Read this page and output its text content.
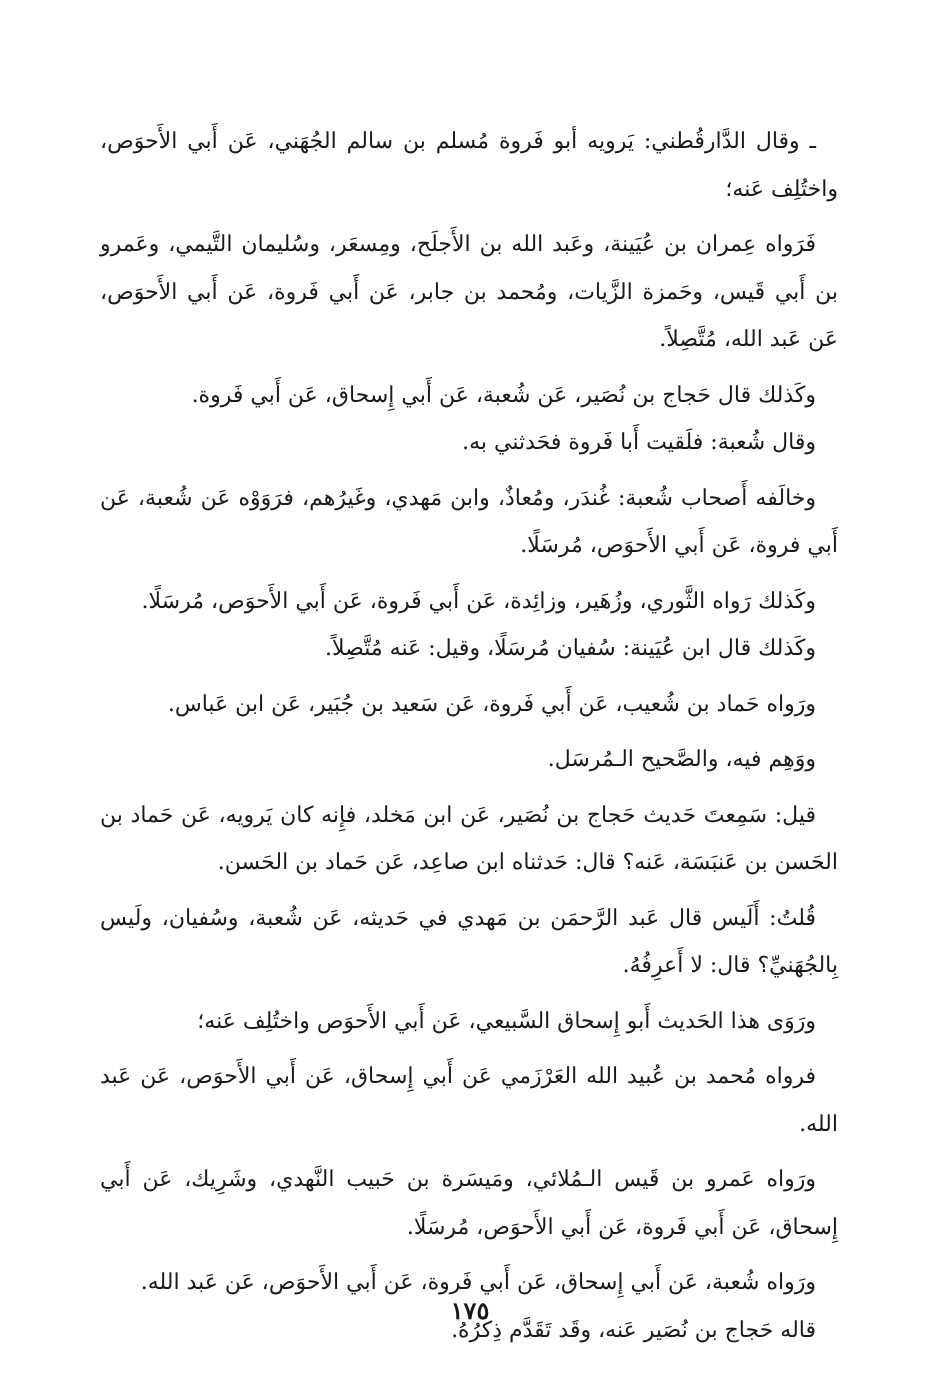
ـ وقال الدَّارقُطني: يَرويه أبو فَروة مُسلم بن سالم الجُهَني، عَن أَبي الأَحوَص، واختُلِف عَنه؛

فَرَواه عِمران بن عُيَينة، وعَبد الله بن الأَجلَح، ومِسعَر، وسُليمان التَّيمي، وعَمرو بن أَبي قَيس، وحَمزة الزَّيات، ومُحمد بن جابر، عَن أَبي فَروة، عَن أَبي الأَحوَص، عَن عَبد الله، مُتَّصِلاً.

وكَذلك قال حَجاج بن نُصَير، عَن شُعبة، عَن أَبي إِسحاق، عَن أَبي فَروة.

وقال شُعبة: فلَقيت أَبا فَروة فحَدثني به.

وخالَفه أَصحاب شُعبة: غُندَر، ومُعاذٌ، وابن مَهدي، وغَيرُهم، فرَوَوْه عَن شُعبة، عَن أَبي فروة، عَن أَبي الأَحوَص، مُرسَلًا.

وكَذلك رَواه الثَّوري، وزُهَير، وزائِدة، عَن أَبي فَروة، عَن أَبي الأَحوَص، مُرسَلًا.

وكَذلك قال ابن عُيَينة: سُفيان مُرسَلًا، وقيل: عَنه مُتَّصِلاً.

ورَواه حَماد بن شُعيب، عَن أَبي فَروة، عَن سَعيد بن جُبَير، عَن ابن عَباس.

ووَهِم فيه، والصَّحيح الـمُرسَل.

قيل: سَمِعتَ حَديث حَجاج بن نُصَير، عَن ابن مَخلد، فإِنه كان يَرويه، عَن حَماد بن الحَسن بن عَنبَسَة، عَنه؟ قال: حَدثناه ابن صاعِد، عَن حَماد بن الحَسن.

قُلتُ: أَلَيس قال عَبد الرَّحمَن بن مَهدي في حَديثه، عَن شُعبة، وسُفيان، ولَيس بِالجُهَنيِّ؟ قال: لا أَعرِفُهُ.

ورَوَى هذا الحَديث أَبو إِسحاق السَّبيعي، عَن أَبي الأَحوَص واختُلِف عَنه؛

فرواه مُحمد بن عُبيد الله العَرْزَمي عَن أَبي إِسحاق، عَن أَبي الأَحوَص، عَن عَبد الله.

ورَواه عَمرو بن قَيس الـمُلائي، ومَيسَرة بن حَبيب النَّهدي، وشَرِيك، عَن أَبي إِسحاق، عَن أَبي فَروة، عَن أَبي الأَحوَص، مُرسَلًا.

ورَواه شُعبة، عَن أَبي إِسحاق، عَن أَبي فَروة، عَن أَبي الأَحوَص، عَن عَبد الله.

قاله حَجاج بن نُصَير عَنه، وقَد تَقَدَّم ذِكرُهُ.

١٧٥
